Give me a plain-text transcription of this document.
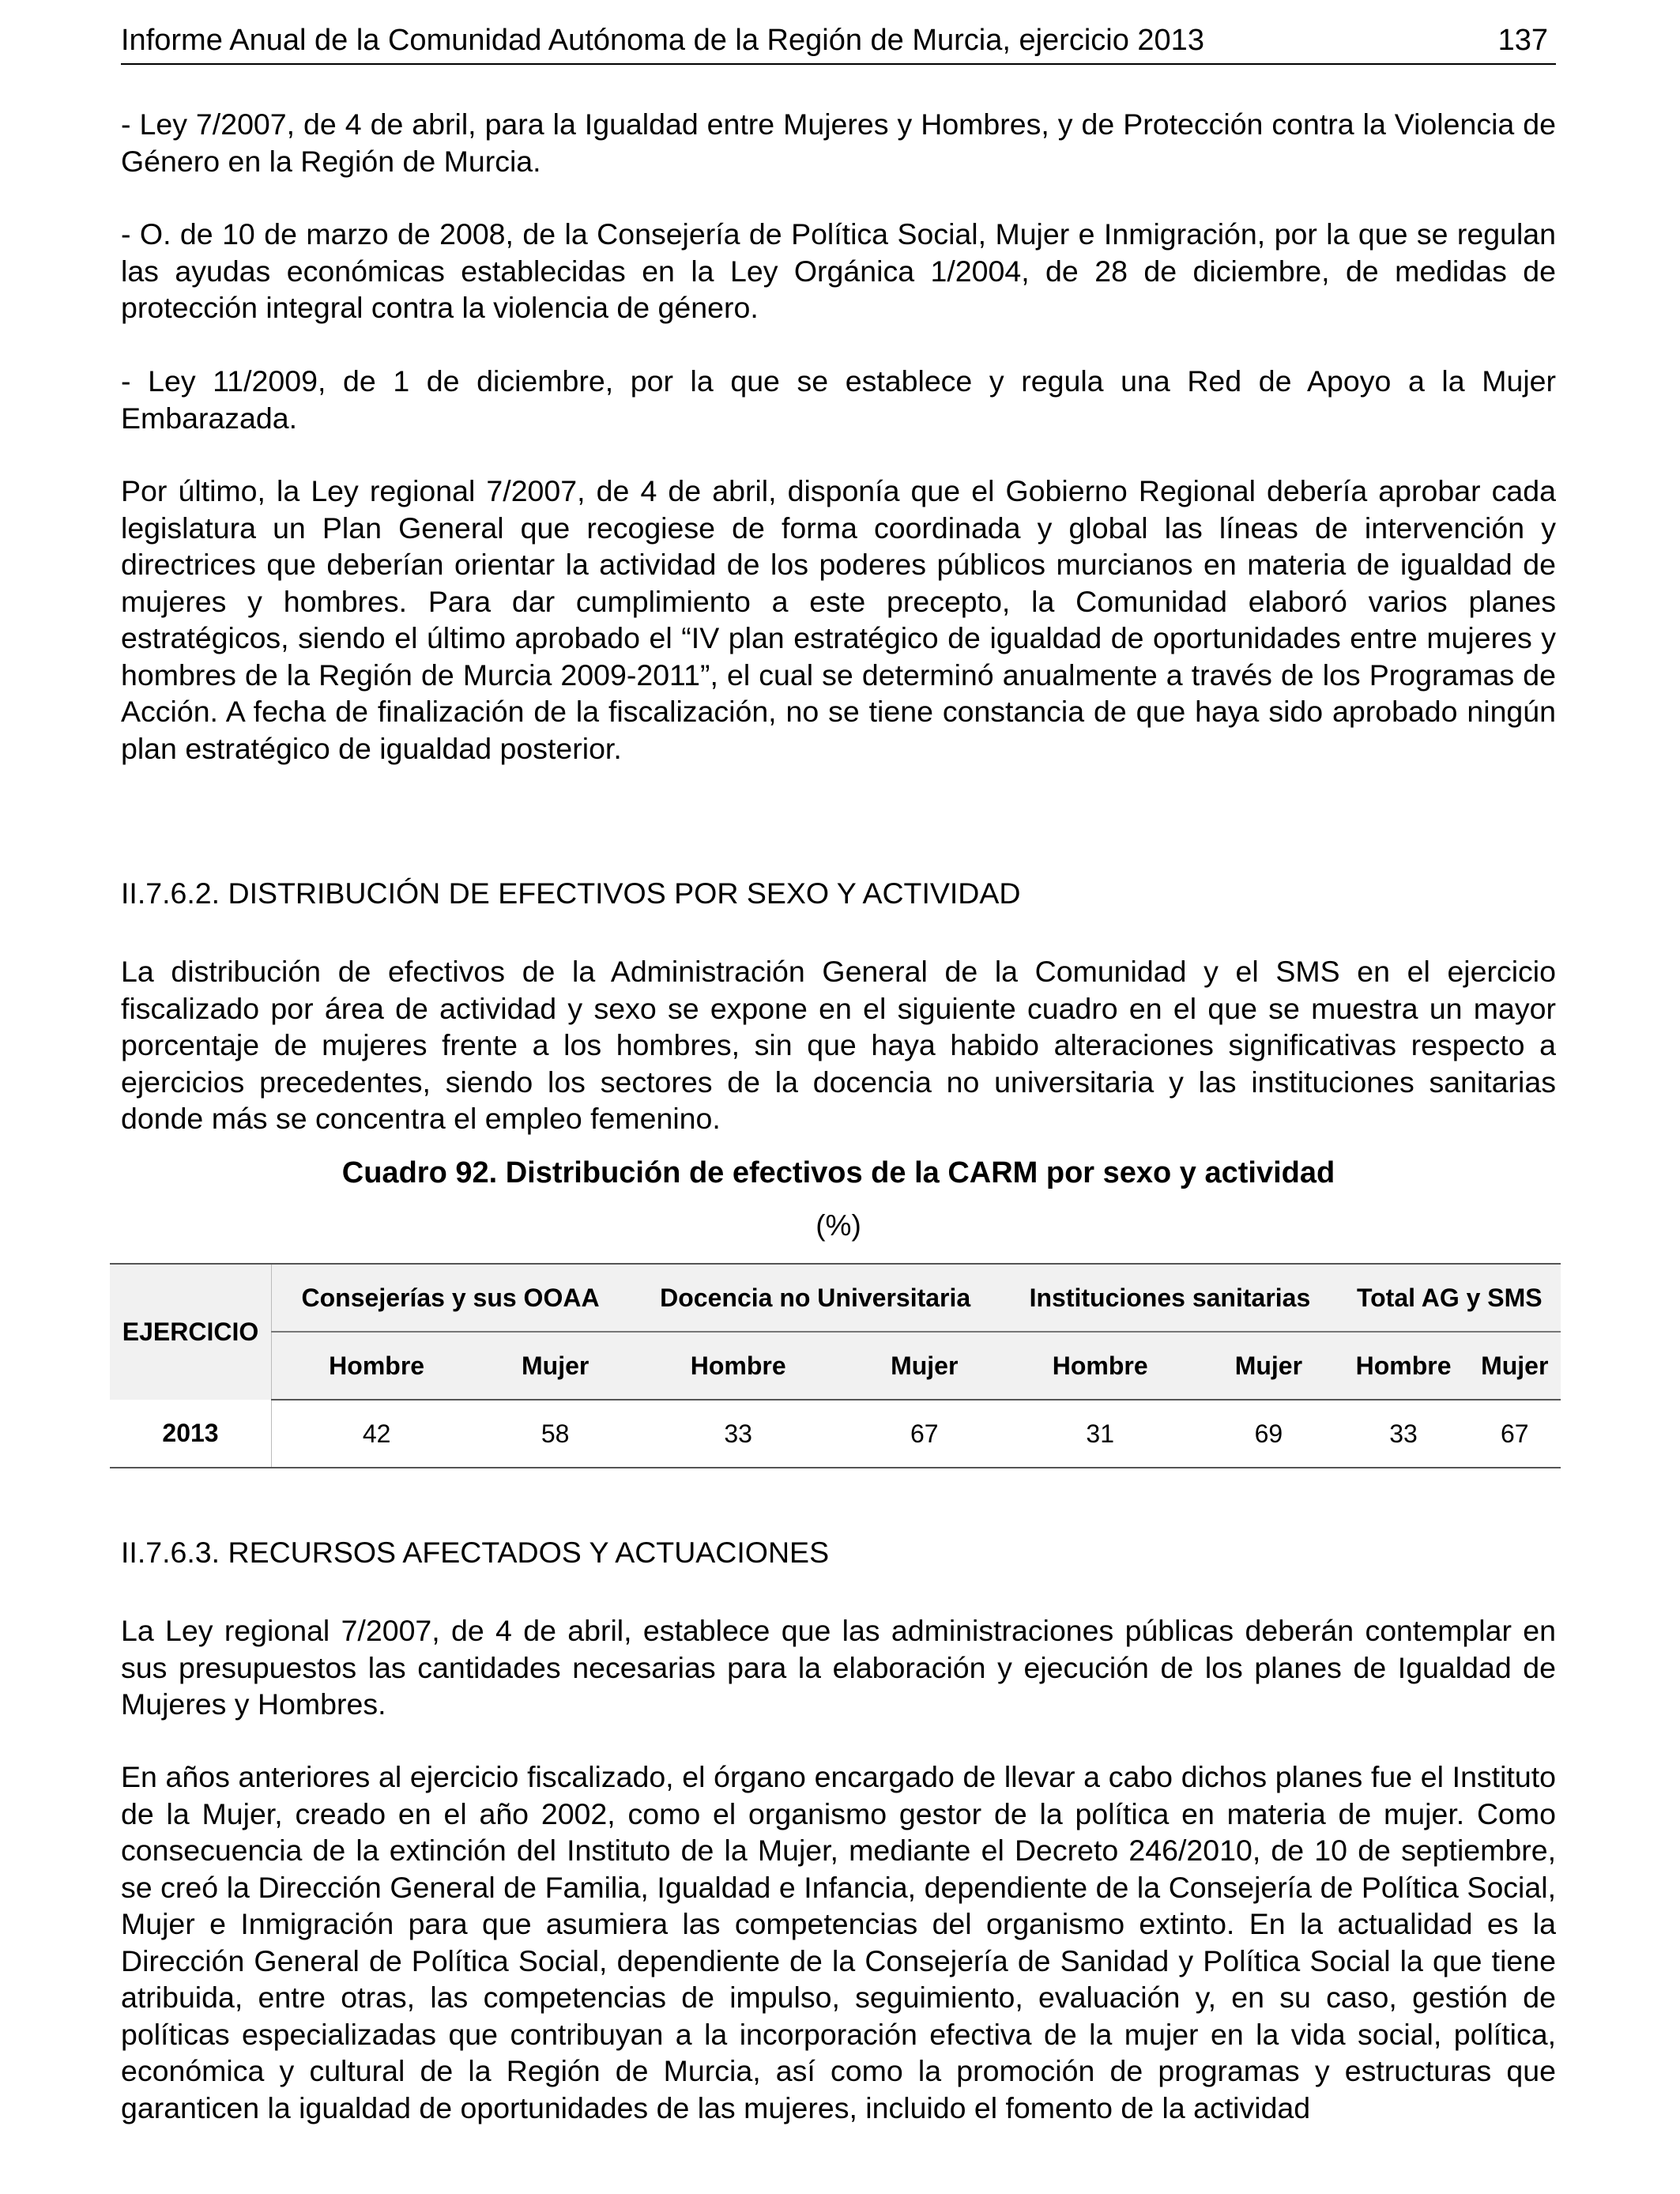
Informe Anual de la Comunidad Autónoma de la Región de Murcia, ejercicio 2013	137
- Ley 7/2007, de 4 de abril, para la Igualdad entre Mujeres y Hombres, y de Protección contra la Violencia de Género en la Región de Murcia.
- O. de 10 de marzo de 2008, de la Consejería de Política Social, Mujer e Inmigración, por la que se regulan las ayudas económicas establecidas en la Ley Orgánica 1/2004, de 28 de diciembre, de medidas de protección integral contra la violencia de género.
- Ley 11/2009, de 1 de diciembre, por la que se establece y regula una Red de Apoyo a la Mujer Embarazada.
Por último, la Ley regional 7/2007, de 4 de abril, disponía que el Gobierno Regional debería aprobar cada legislatura un Plan General que recogiese de forma coordinada y global las líneas de intervención y directrices que deberían orientar la actividad de los poderes públicos murcianos en materia de igualdad de mujeres y hombres. Para dar cumplimiento a este precepto, la Comunidad elaboró varios planes estratégicos, siendo el último aprobado el “IV plan estratégico de igualdad de oportunidades entre mujeres y hombres de la Región de Murcia 2009-2011”, el cual se determinó anualmente a través de los Programas de Acción. A fecha de finalización de la fiscalización, no se tiene constancia de que haya sido aprobado ningún plan estratégico de igualdad posterior.
II.7.6.2. DISTRIBUCIÓN DE EFECTIVOS POR SEXO Y ACTIVIDAD
La distribución de efectivos de la Administración General de la Comunidad y el SMS en el ejercicio fiscalizado por área de actividad y sexo se expone en el siguiente cuadro en el que se muestra un mayor porcentaje de mujeres frente a los hombres, sin que haya habido alteraciones significativas respecto a ejercicios precedentes, siendo los sectores de la docencia no universitaria y las instituciones sanitarias donde más se concentra el empleo femenino.
Cuadro 92. Distribución de efectivos de la CARM por sexo y actividad
(%)
EJERCICIO	Consejerías y sus OOAA		Docencia no Universitaria		Instituciones sanitarias		Total AG y SMS	
	Hombre	Mujer	Hombre	Mujer	Hombre	Mujer	Hombre	Mujer
2013	42	58	33	67	31	69	33	67
II.7.6.3. RECURSOS AFECTADOS Y ACTUACIONES
La Ley regional 7/2007, de 4 de abril, establece que las administraciones públicas deberán contemplar en sus presupuestos las cantidades necesarias para la elaboración y ejecución de los planes de Igualdad de Mujeres y Hombres.
En años anteriores al ejercicio fiscalizado, el órgano encargado de llevar a cabo dichos planes fue el Instituto de la Mujer, creado en el año 2002, como el organismo gestor de la política en materia de mujer. Como consecuencia de la extinción del Instituto de la Mujer, mediante el Decreto 246/2010, de 10 de septiembre, se creó la Dirección General de Familia, Igualdad e Infancia, dependiente de la Consejería de Política Social, Mujer e Inmigración para que asumiera las competencias del organismo extinto. En la actualidad es la Dirección General de Política Social, dependiente de la Consejería de Sanidad y Política Social la que tiene atribuida, entre otras, las competencias de impulso, seguimiento, evaluación y, en su caso, gestión de políticas especializadas que contribuyan a la incorporación efectiva de la mujer en la vida social, política, económica y cultural de la Región de Murcia, así como la promoción de programas y estructuras que garanticen la igualdad de oportunidades de las mujeres, incluido el fomento de la actividad
